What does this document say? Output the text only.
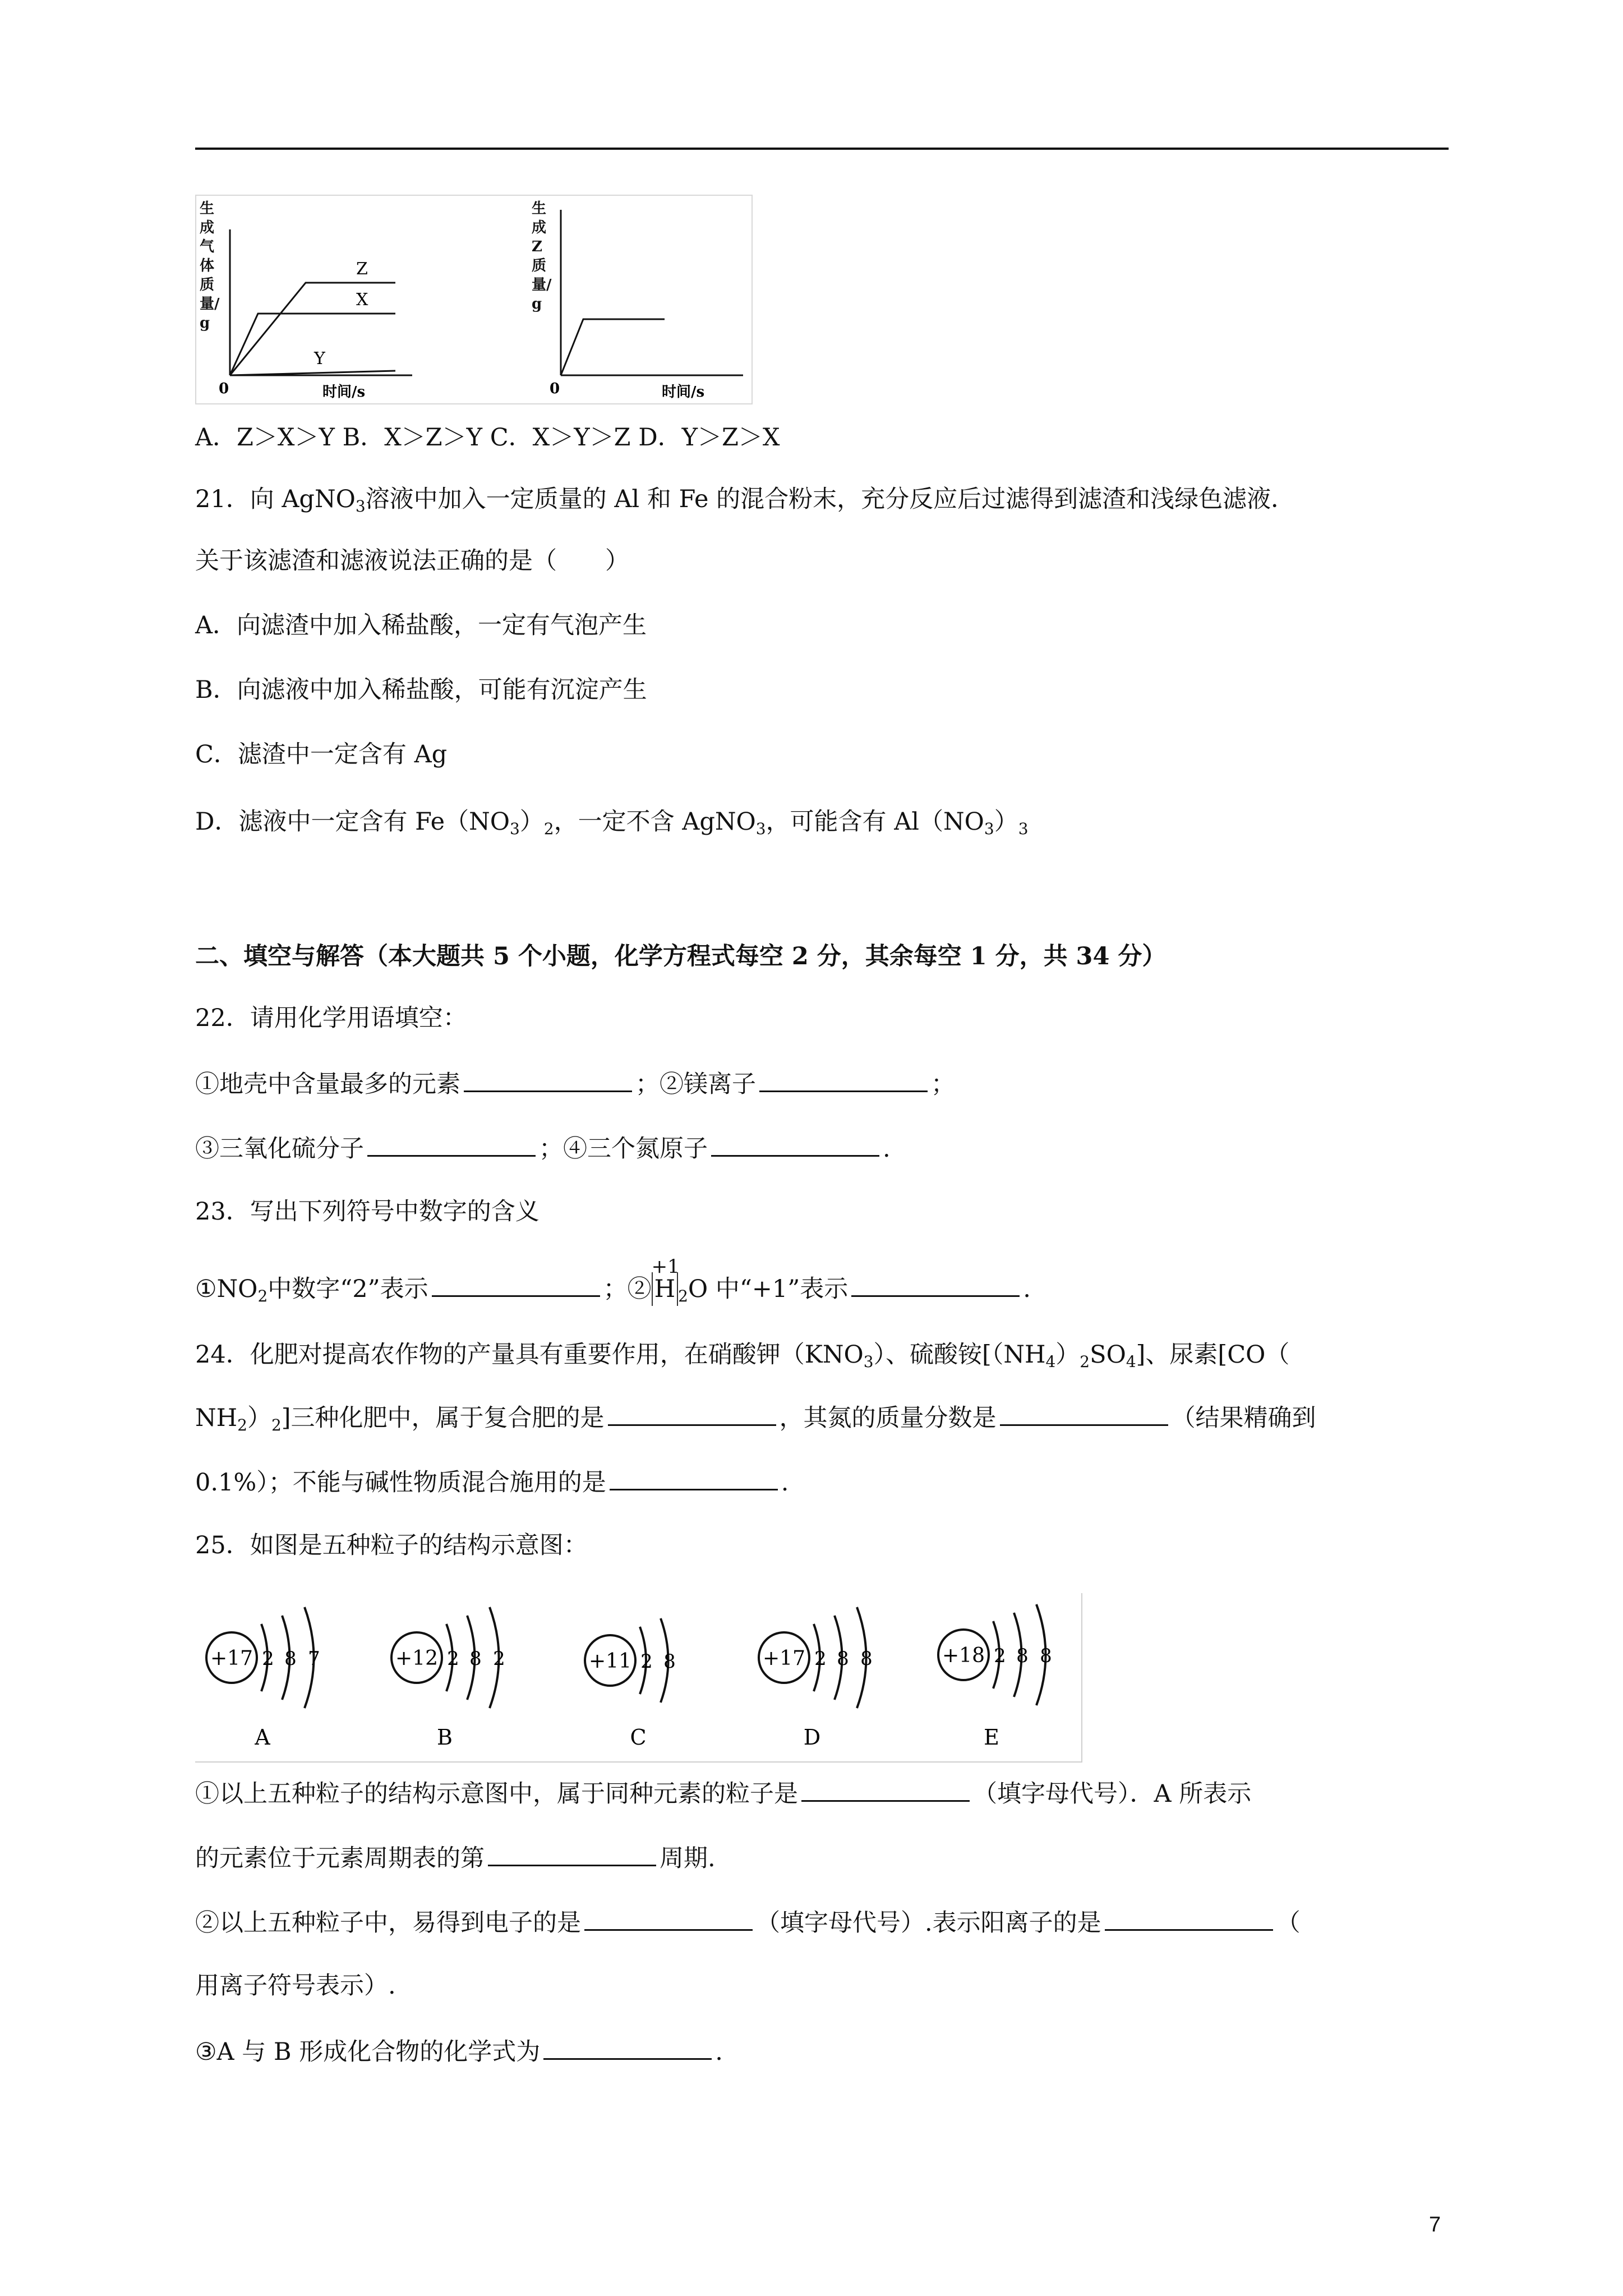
Z
X
Y
0	时间/s	0	时间/s
生成气体质量/g
生成Z质量/g
A．Z＞X＞Y B．X＞Z＞Y C．X＞Y＞Z D．Y＞Z＞X
21．向 AgNO$_3$溶液中加入一定质量的 Al 和 Fe 的混合粉末，充分反应后过滤得到滤渣和浅绿色滤液．
关于该滤渣和滤液说法正确的是（　　）
A．向滤渣中加入稀盐酸，一定有气泡产生
B．向滤液中加入稀盐酸，可能有沉淀产生
C．滤渣中一定含有 Ag
D．滤液中一定含有 $Fe(NO_3)_2$，一定不含 AgNO$_3$，可能含有 $Al(NO_3)_3$
二、填空与解答（本大题共 5 个小题，化学方程式每空 2 分，其余每空 1 分，共 34 分）
22．请用化学用语填空：
①地壳中含量最多的元素	；②镁离子	；
③三氧化硫分子	；④三个氮原子	.
23．写出下列符号中数字的含义
$①NO_2$中数字“2”表示	；②
+1
H $_2$O 中“+1”表示	.
24．化肥对提高农作物的产量具有重要作用，在硝酸钾$(KNO_3)$、硫酸铵$[(NH_4)_2SO_4]$、尿素[CO（
$NH_2)_2$]三种化肥中，属于复合肥的是	，其氮的质量分数是	（结果精确到
0.1%）；不能与碱性物质混合施用的是	.
25．如图是五种粒子的结构示意图：
+17 2 8 7
A
+12 2 8 2
B
+11 2 8
C
+17 2 8 8
D
+18 2 8 8
E
①以上五种粒子的结构示意图中，属于同种元素的粒子是	（填字母代号）．A 所表示
的元素位于元素周期表的第	周期.
②以上五种粒子中，易得到电子的是	（填字母代号）.表示阳离子的是	（
用离子符号表示）.
③A 与 B 形成化合物的化学式为	.
7
